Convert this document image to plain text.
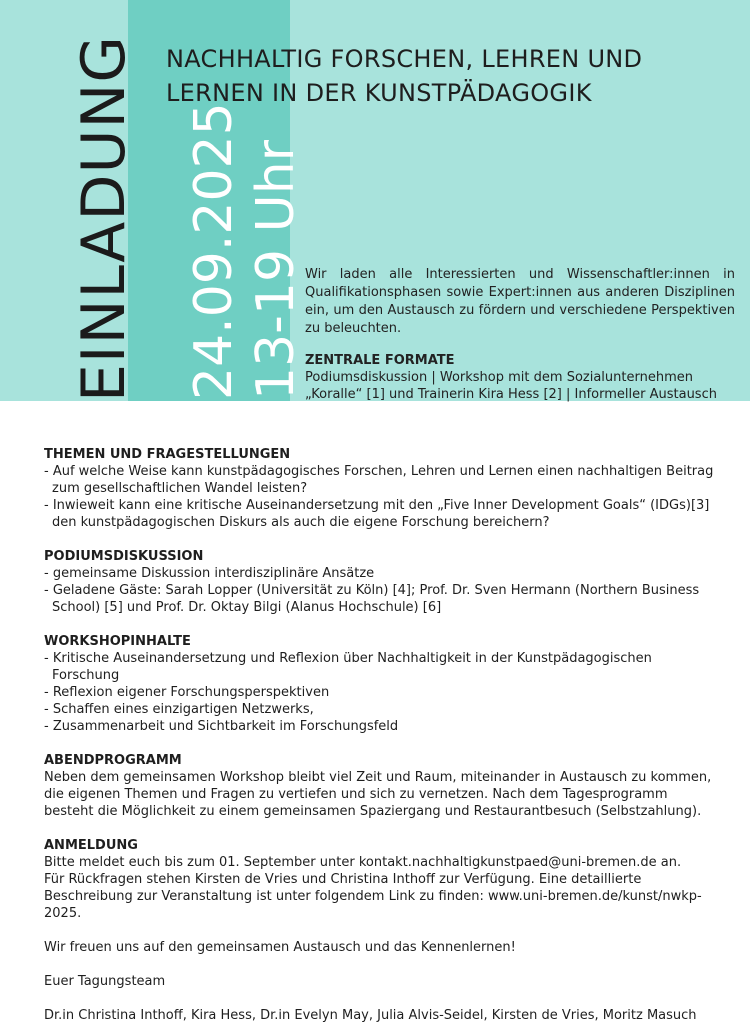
EINLADUNG 24.09.2025 13-19 Uhr
NACHHALTIG FORSCHEN, LEHREN UND
LERNEN IN DER KUNSTPÄDAGOGIK
Wir laden alle Interessierten und Wissenschaftler:innen in Qualifikationsphasen sowie Expert:innen aus anderen Disziplinen ein, um den Austausch zu fördern und verschiedene Perspektiven zu beleuchten.
ZENTRALE FORMATE
Podiumsdiskussion | Workshop mit dem Sozialunternehmen
„Koralle“ [1] und Trainerin Kira Hess [2] | Informeller Austausch
THEMEN UND FRAGESTELLUNGEN
- Auf welche Weise kann kunstpädagogisches Forschen, Lehren und Lernen einen nachhaltigen Beitrag zum gesellschaftlichen Wandel leisten?
- Inwieweit kann eine kritische Auseinandersetzung mit den „Five Inner Development Goals“ (IDGs)[3] den kunstpädagogischen Diskurs als auch die eigene Forschung bereichern?
PODIUMSDISKUSSION
- gemeinsame Diskussion interdisziplinäre Ansätze
- Geladene Gäste: Sarah Lopper (Universität zu Köln) [4]; Prof. Dr. Sven Hermann (Northern Business School) [5] und Prof. Dr. Oktay Bilgi (Alanus Hochschule) [6]
WORKSHOPINHALTE
- Kritische Auseinandersetzung und Reflexion über Nachhaltigkeit in der Kunstpädagogischen Forschung
- Reflexion eigener Forschungsperspektiven
- Schaffen eines einzigartigen Netzwerks,
- Zusammenarbeit und Sichtbarkeit im Forschungsfeld
ABENDPROGRAMM

Neben dem gemeinsamen Workshop bleibt viel Zeit und Raum, miteinander in Austausch zu kommen, die eigenen Themen und Fragen zu vertiefen und sich zu vernetzen. Nach dem Tagesprogramm besteht die Möglichkeit zu einem gemeinsamen Spaziergang und Restaurantbesuch (Selbstzahlung).

ANMELDUNG

Bitte meldet euch bis zum 01. September unter kontakt.nachhaltigkunstpaed@uni-bremen.de an.

Für Rückfragen stehen Kirsten de Vries und Christina Inthoff zur Verfügung. Eine detaillierte Beschreibung zur Veranstaltung ist unter folgendem Link zu finden: www.uni-bremen.de/kunst/nwkp-2025.

Wir freuen uns auf den gemeinsamen Austausch und das Kennenlernen!

Euer Tagungsteam

Dr.in Christina Inthoff, Kira Hess, Dr.in Evelyn May, Julia Alvis-Seidel, Kirsten de Vries, Moritz Masuch
